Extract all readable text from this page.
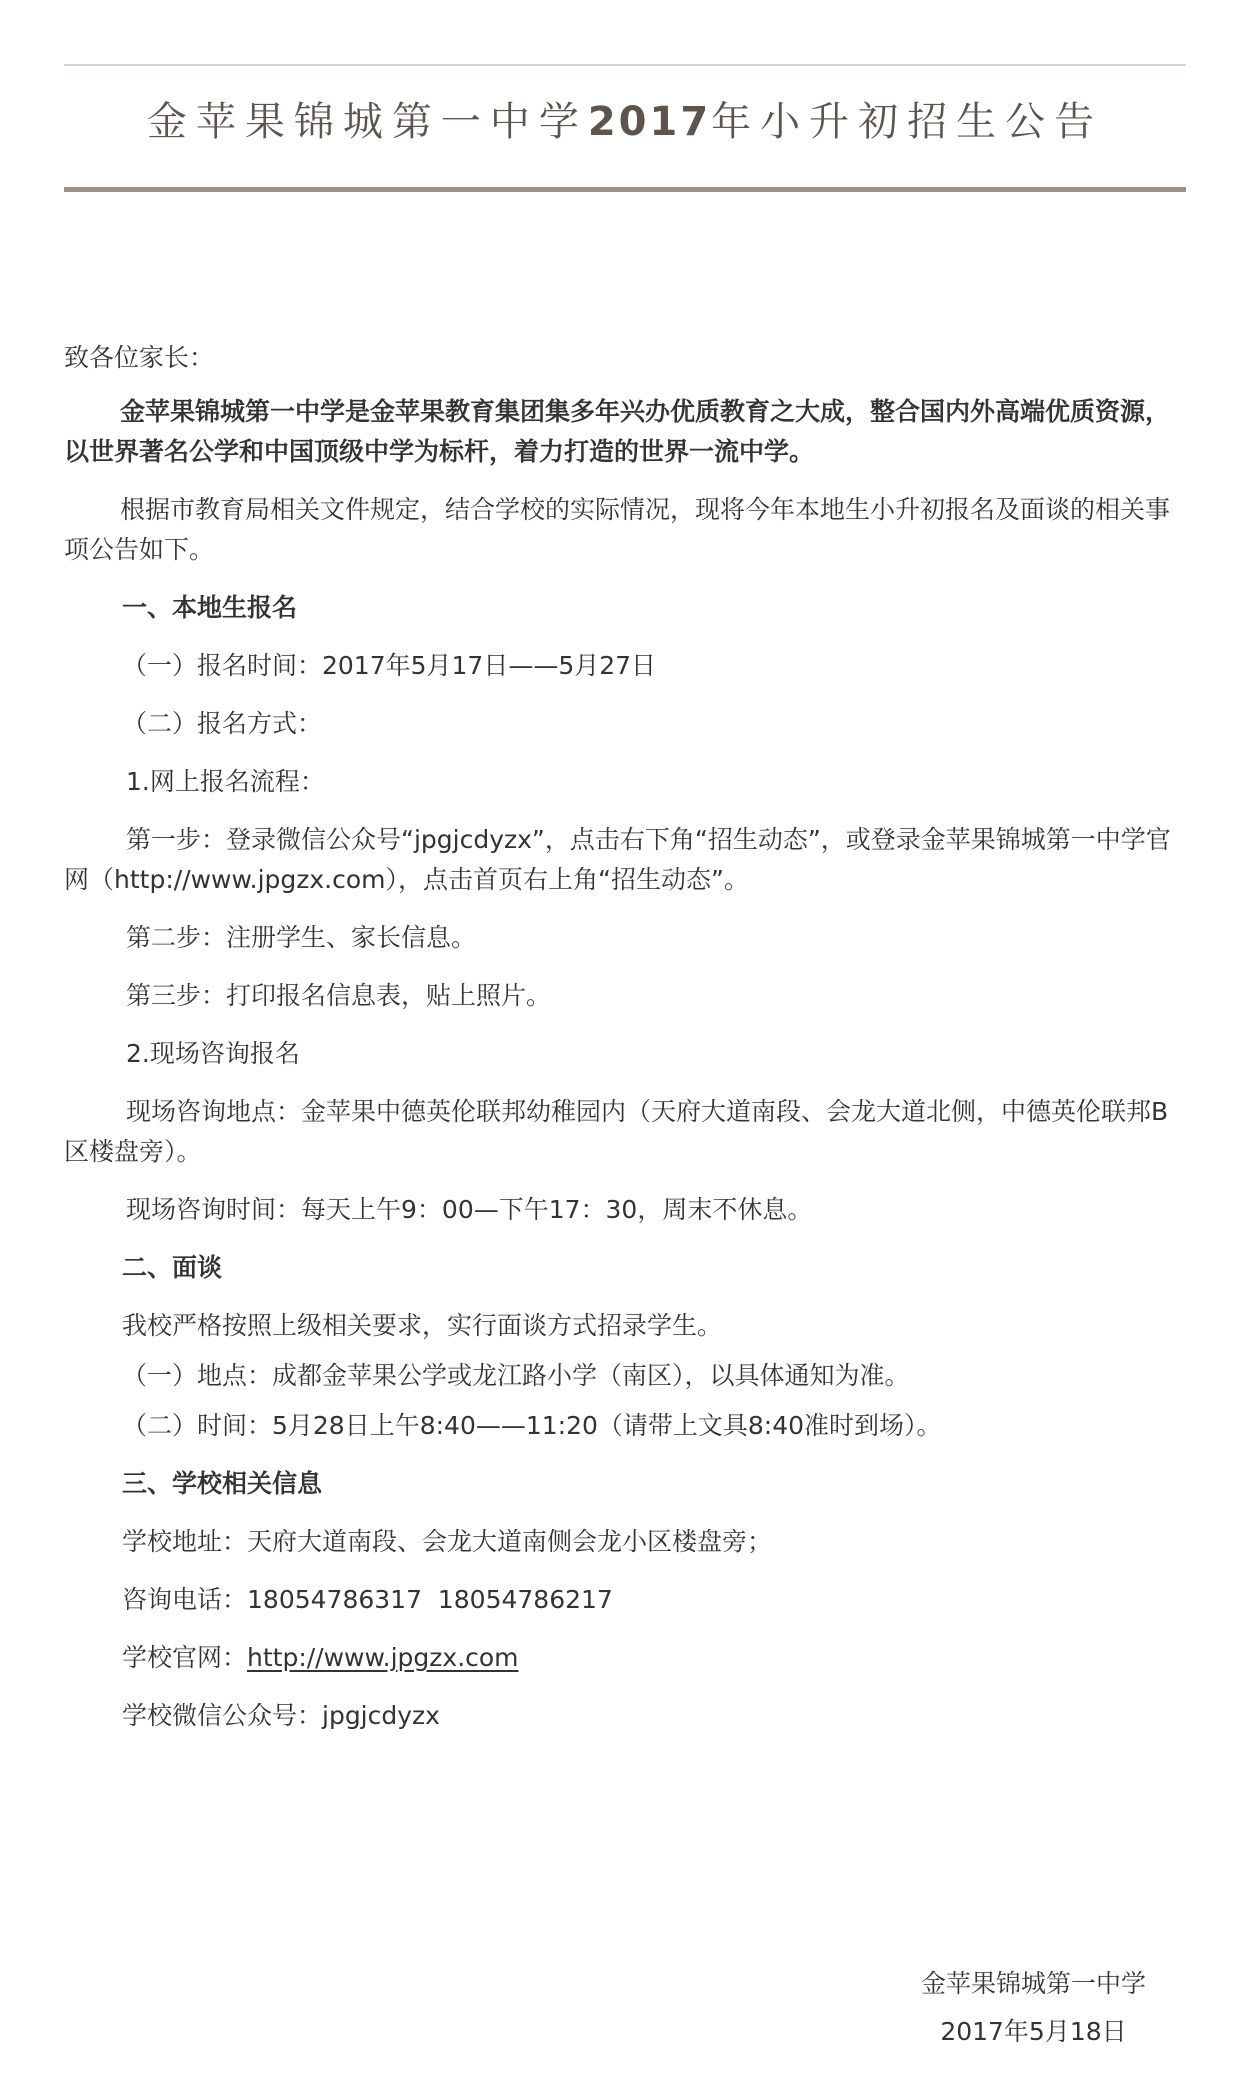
金苹果锦城第一中学2017年小升初招生公告

致各位家长：

金苹果锦城第一中学是金苹果教育集团集多年兴办优质教育之大成，整合国内外高端优质资源，以世界著名公学和中国顶级中学为标杆，着力打造的世界一流中学。

根据市教育局相关文件规定，结合学校的实际情况，现将今年本地生小升初报名及面谈的相关事项公告如下。

一、本地生报名

（一）报名时间：2017年5月17日——5月27日

（二）报名方式：

1.网上报名流程：

第一步：登录微信公众号“jpgjcdyzx”，点击右下角“招生动态”，或登录金苹果锦城第一中学官网（http://www.jpgzx.com），点击首页右上角“招生动态”。

第二步：注册学生、家长信息。

第三步：打印报名信息表，贴上照片。

2.现场咨询报名

现场咨询地点：金苹果中德英伦联邦幼稚园内（天府大道南段、会龙大道北侧，中德英伦联邦B区楼盘旁）。

现场咨询时间：每天上午9：00—下午17：30，周末不休息。

二、面谈

我校严格按照上级相关要求，实行面谈方式招录学生。

（一）地点：成都金苹果公学或龙江路小学（南区），以具体通知为准。

（二）时间：5月28日上午8:40——11:20（请带上文具8:40准时到场）。

三、学校相关信息

学校地址：天府大道南段、会龙大道南侧会龙小区楼盘旁；

咨询电话：18054786317  18054786217

学校官网：http://www.jpgzx.com

学校微信公众号：jpgjcdyzx

金苹果锦城第一中学
2017年5月18日
